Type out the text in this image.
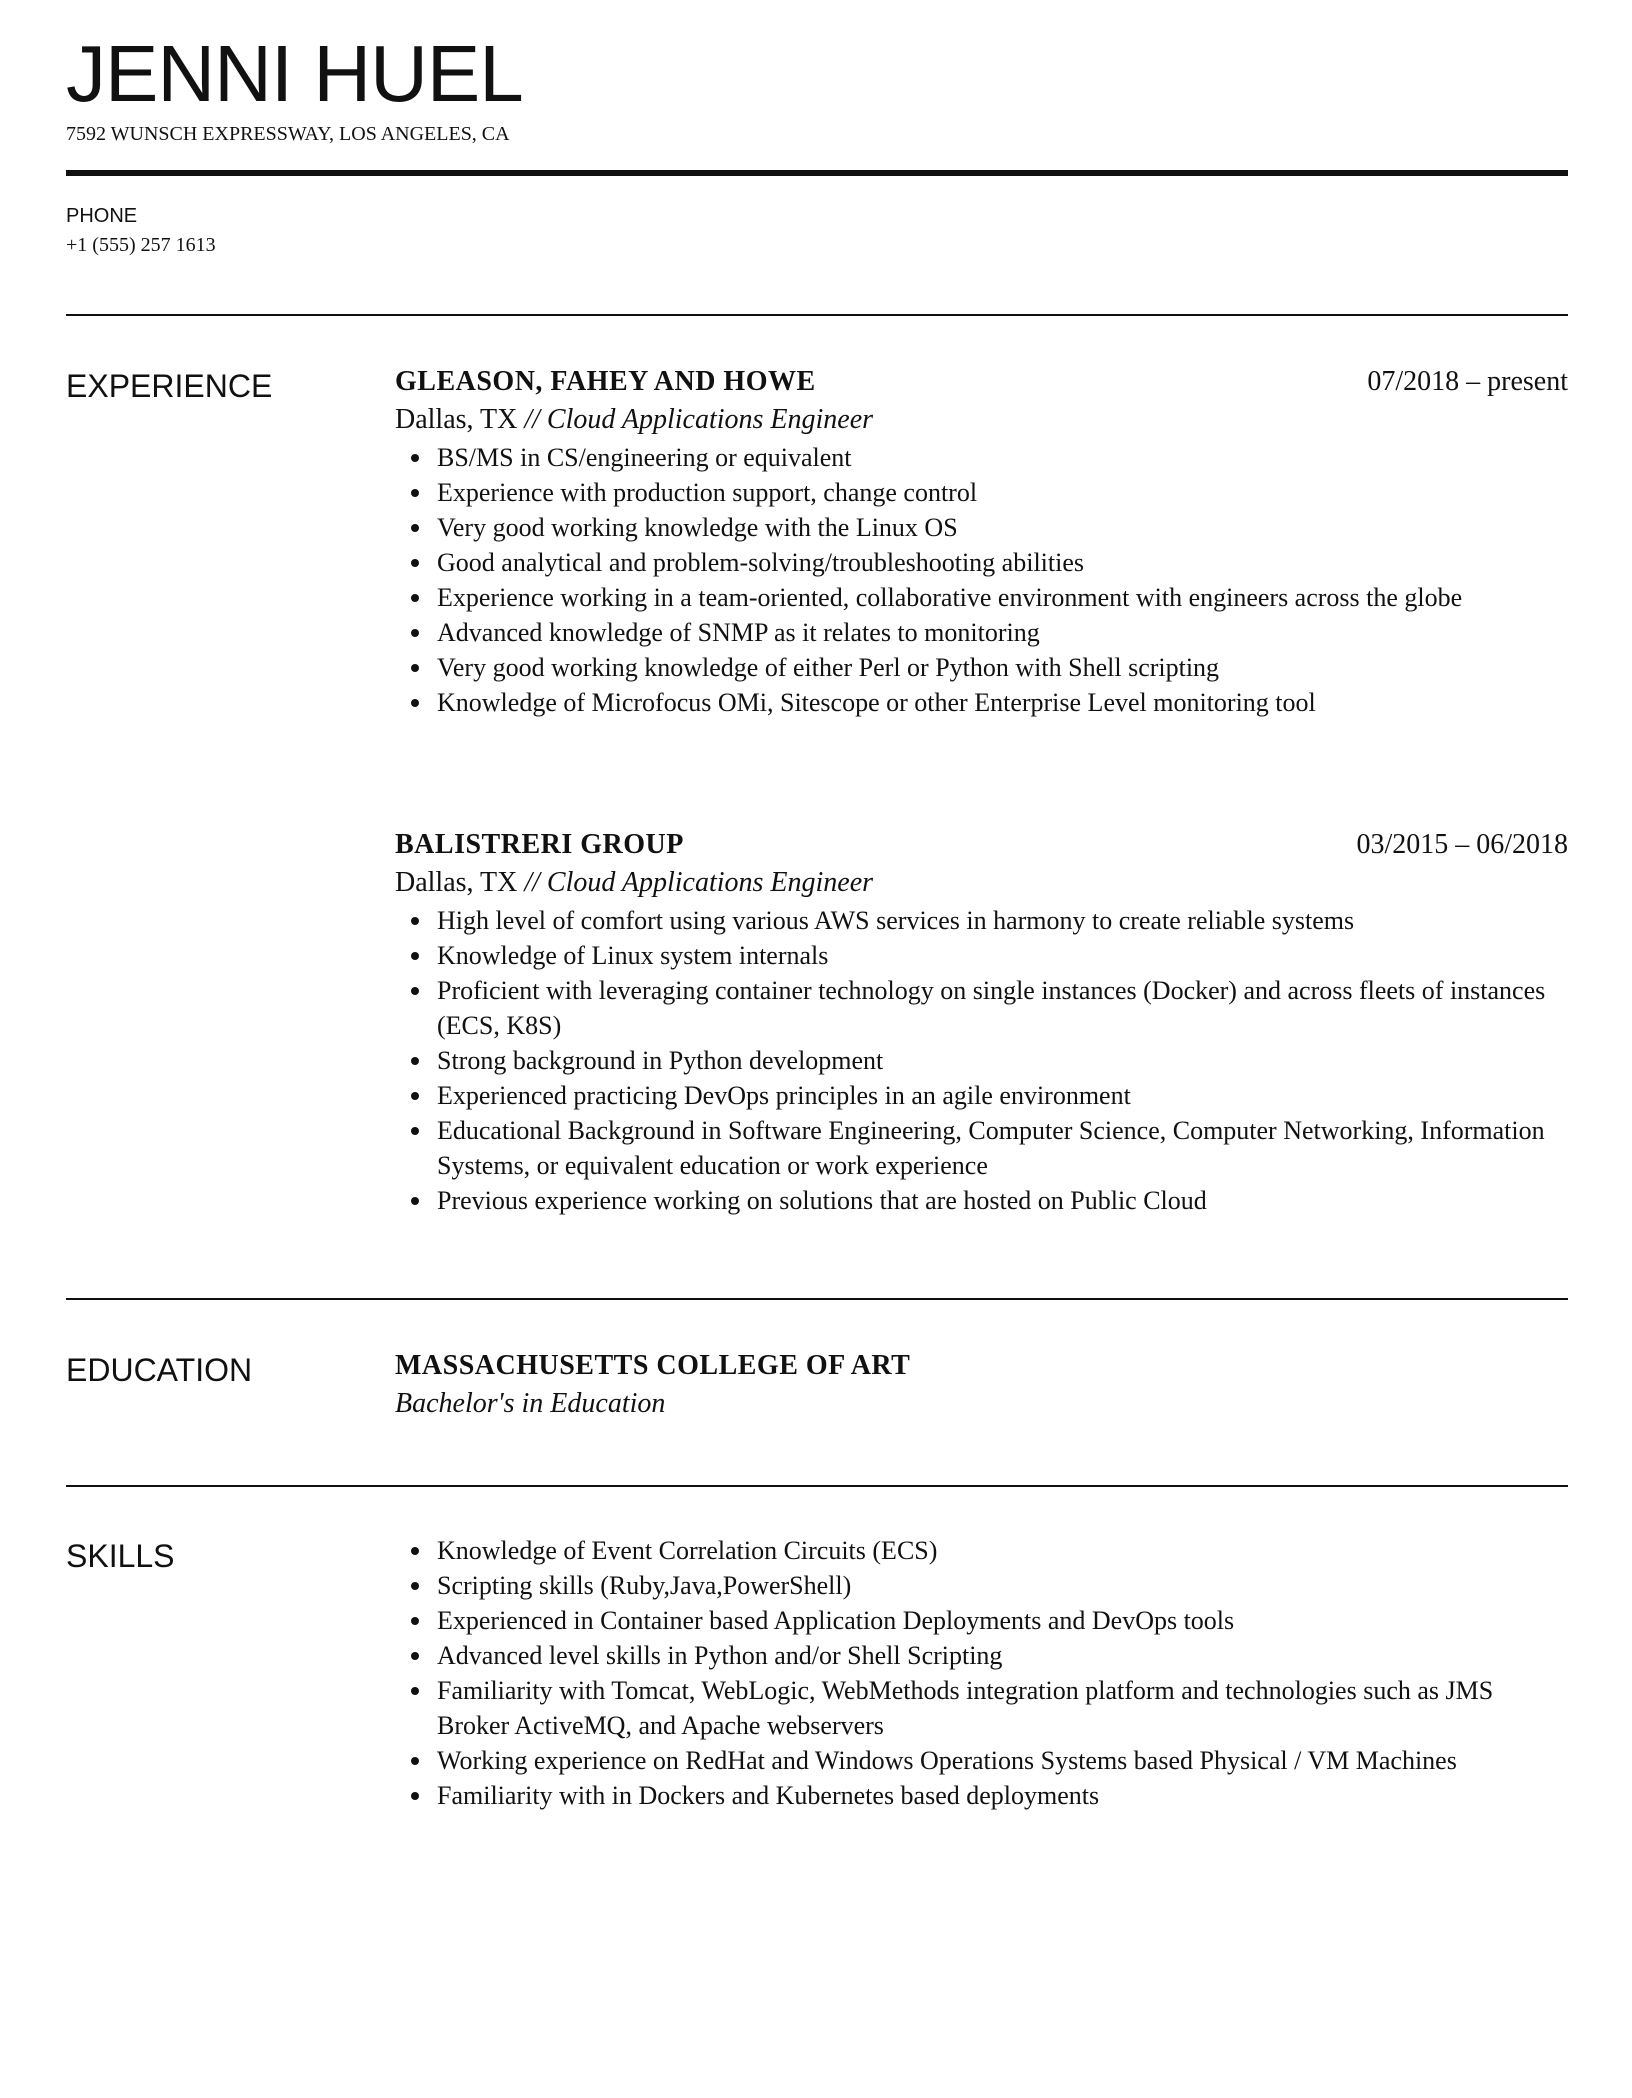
JENNI HUEL
7592 WUNSCH EXPRESSWAY, LOS ANGELES, CA
PHONE
+1 (555) 257 1613
EXPERIENCE	GLEASON, FAHEY AND HOWE	07/2018 – present
Dallas, TX // Cloud Applications Engineer
BS/MS in CS/engineering or equivalent
Experience with production support, change control
Very good working knowledge with the Linux OS
Good analytical and problem-solving/troubleshooting abilities
Experience working in a team-oriented, collaborative environment with engineers across the globe
Advanced knowledge of SNMP as it relates to monitoring
Very good working knowledge of either Perl or Python with Shell scripting
Knowledge of Microfocus OMi, Sitescope or other Enterprise Level monitoring tool
BALISTRERI GROUP	03/2015 – 06/2018
Dallas, TX // Cloud Applications Engineer
High level of comfort using various AWS services in harmony to create reliable systems
Knowledge of Linux system internals
Proficient with leveraging container technology on single instances (Docker) and across fleets of instances (ECS, K8S)
Strong background in Python development
Experienced practicing DevOps principles in an agile environment
Educational Background in Software Engineering, Computer Science, Computer Networking, Information Systems, or equivalent education or work experience
Previous experience working on solutions that are hosted on Public Cloud
EDUCATION	MASSACHUSETTS COLLEGE OF ART
Bachelor's in Education
SKILLS	Knowledge of Event Correlation Circuits (ECS)
Scripting skills (Ruby,Java,PowerShell)
Experienced in Container based Application Deployments and DevOps tools
Advanced level skills in Python and/or Shell Scripting
Familiarity with Tomcat, WebLogic, WebMethods integration platform and technologies such as JMS Broker ActiveMQ, and Apache webservers
Working experience on RedHat and Windows Operations Systems based Physical / VM Machines
Familiarity with in Dockers and Kubernetes based deployments
